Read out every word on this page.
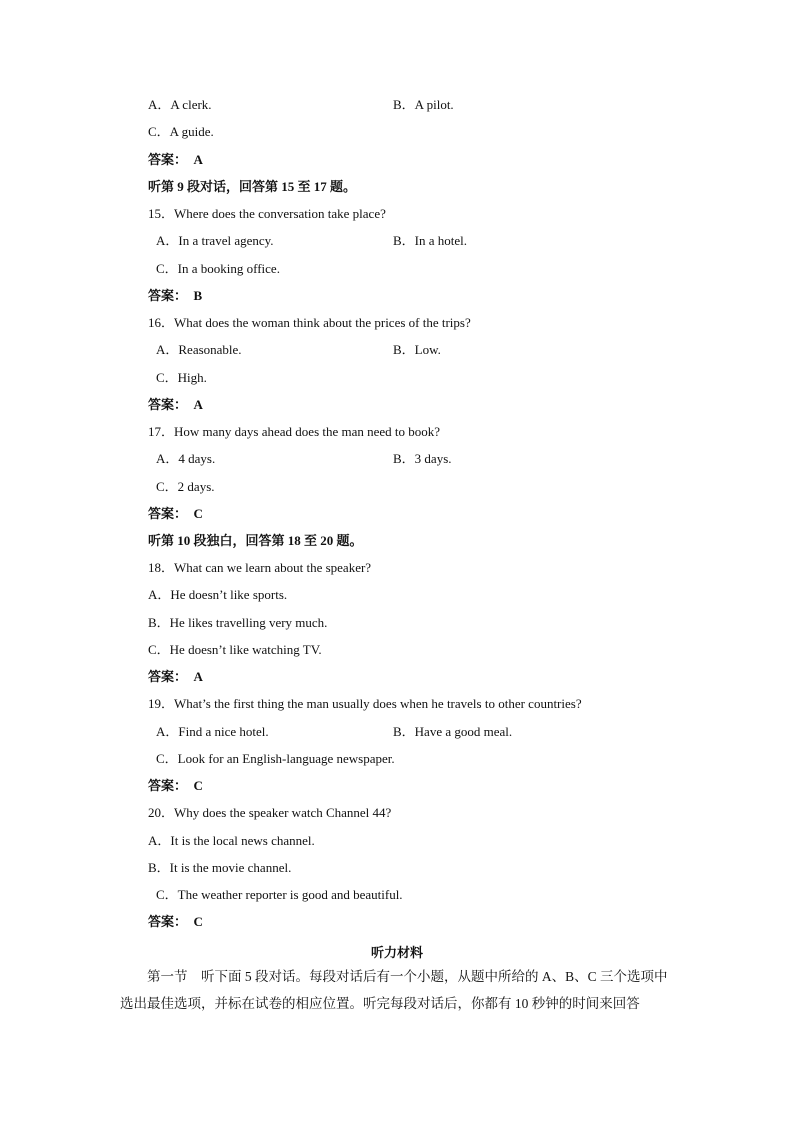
A．A clerk.	B．A pilot.
C．A guide.
答案：　A
听第 9 段对话，回答第 15 至 17 题。
15．Where does the conversation take place?
A．In a travel agency.	B．In a hotel.
C．In a booking office.
答案：　B
16．What does the woman think about the prices of the trips?
A．Reasonable.	B．Low.
C．High.
答案：　A
17．How many days ahead does the man need to book?
A．4 days.	B．3 days.
C．2 days.
答案：　C
听第 10 段独白，回答第 18 至 20 题。
18．What can we learn about the speaker?
A．He doesn’t like sports.
B．He likes travelling very much.
C．He doesn’t like watching TV.
答案：　A
19．What’s the first thing the man usually does when he travels to other countries?
A．Find a nice hotel.	B．Have a good meal.
C．Look for an English-language newspaper.
答案：　C
20．Why does the speaker watch Channel 44?
A．It is the local news channel.
B．It is the movie channel.
C．The weather reporter is good and beautiful.
答案：　C
听力材料
第一节　听下面 5 段对话。每段对话后有一个小题，从题中所给的 A、B、C 三个选项中选出最佳选项，并标在试卷的相应位置。听完每段对话后，你都有 10 秒钟的时间来回答
